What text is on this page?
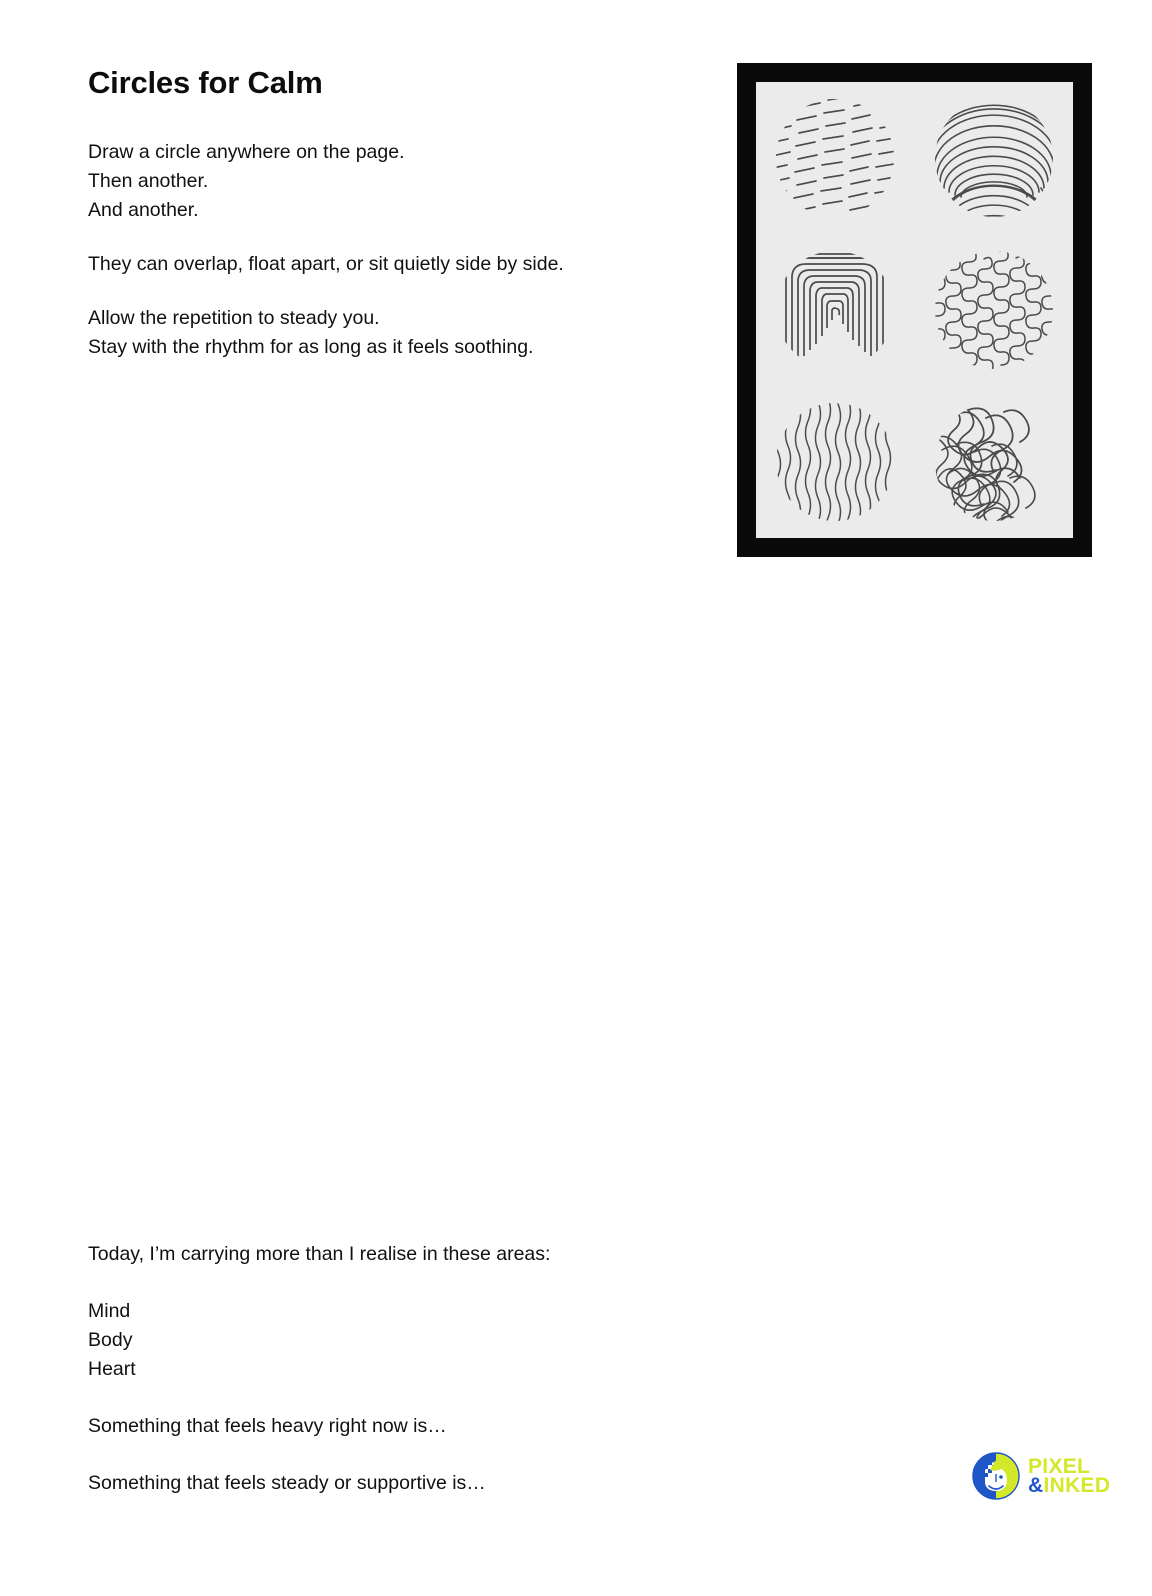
Circles for Calm

Draw a circle anywhere on the page.
Then another.
And another.

They can overlap, float apart, or sit quietly side by side.

Allow the repetition to steady you.
Stay with the rhythm for as long as it feels soothing.

Today, I’m carrying more than I realise in these areas:

Mind
Body
Heart

Something that feels heavy right now is…

Something that feels steady or supportive is…

PIXEL
&INKED
